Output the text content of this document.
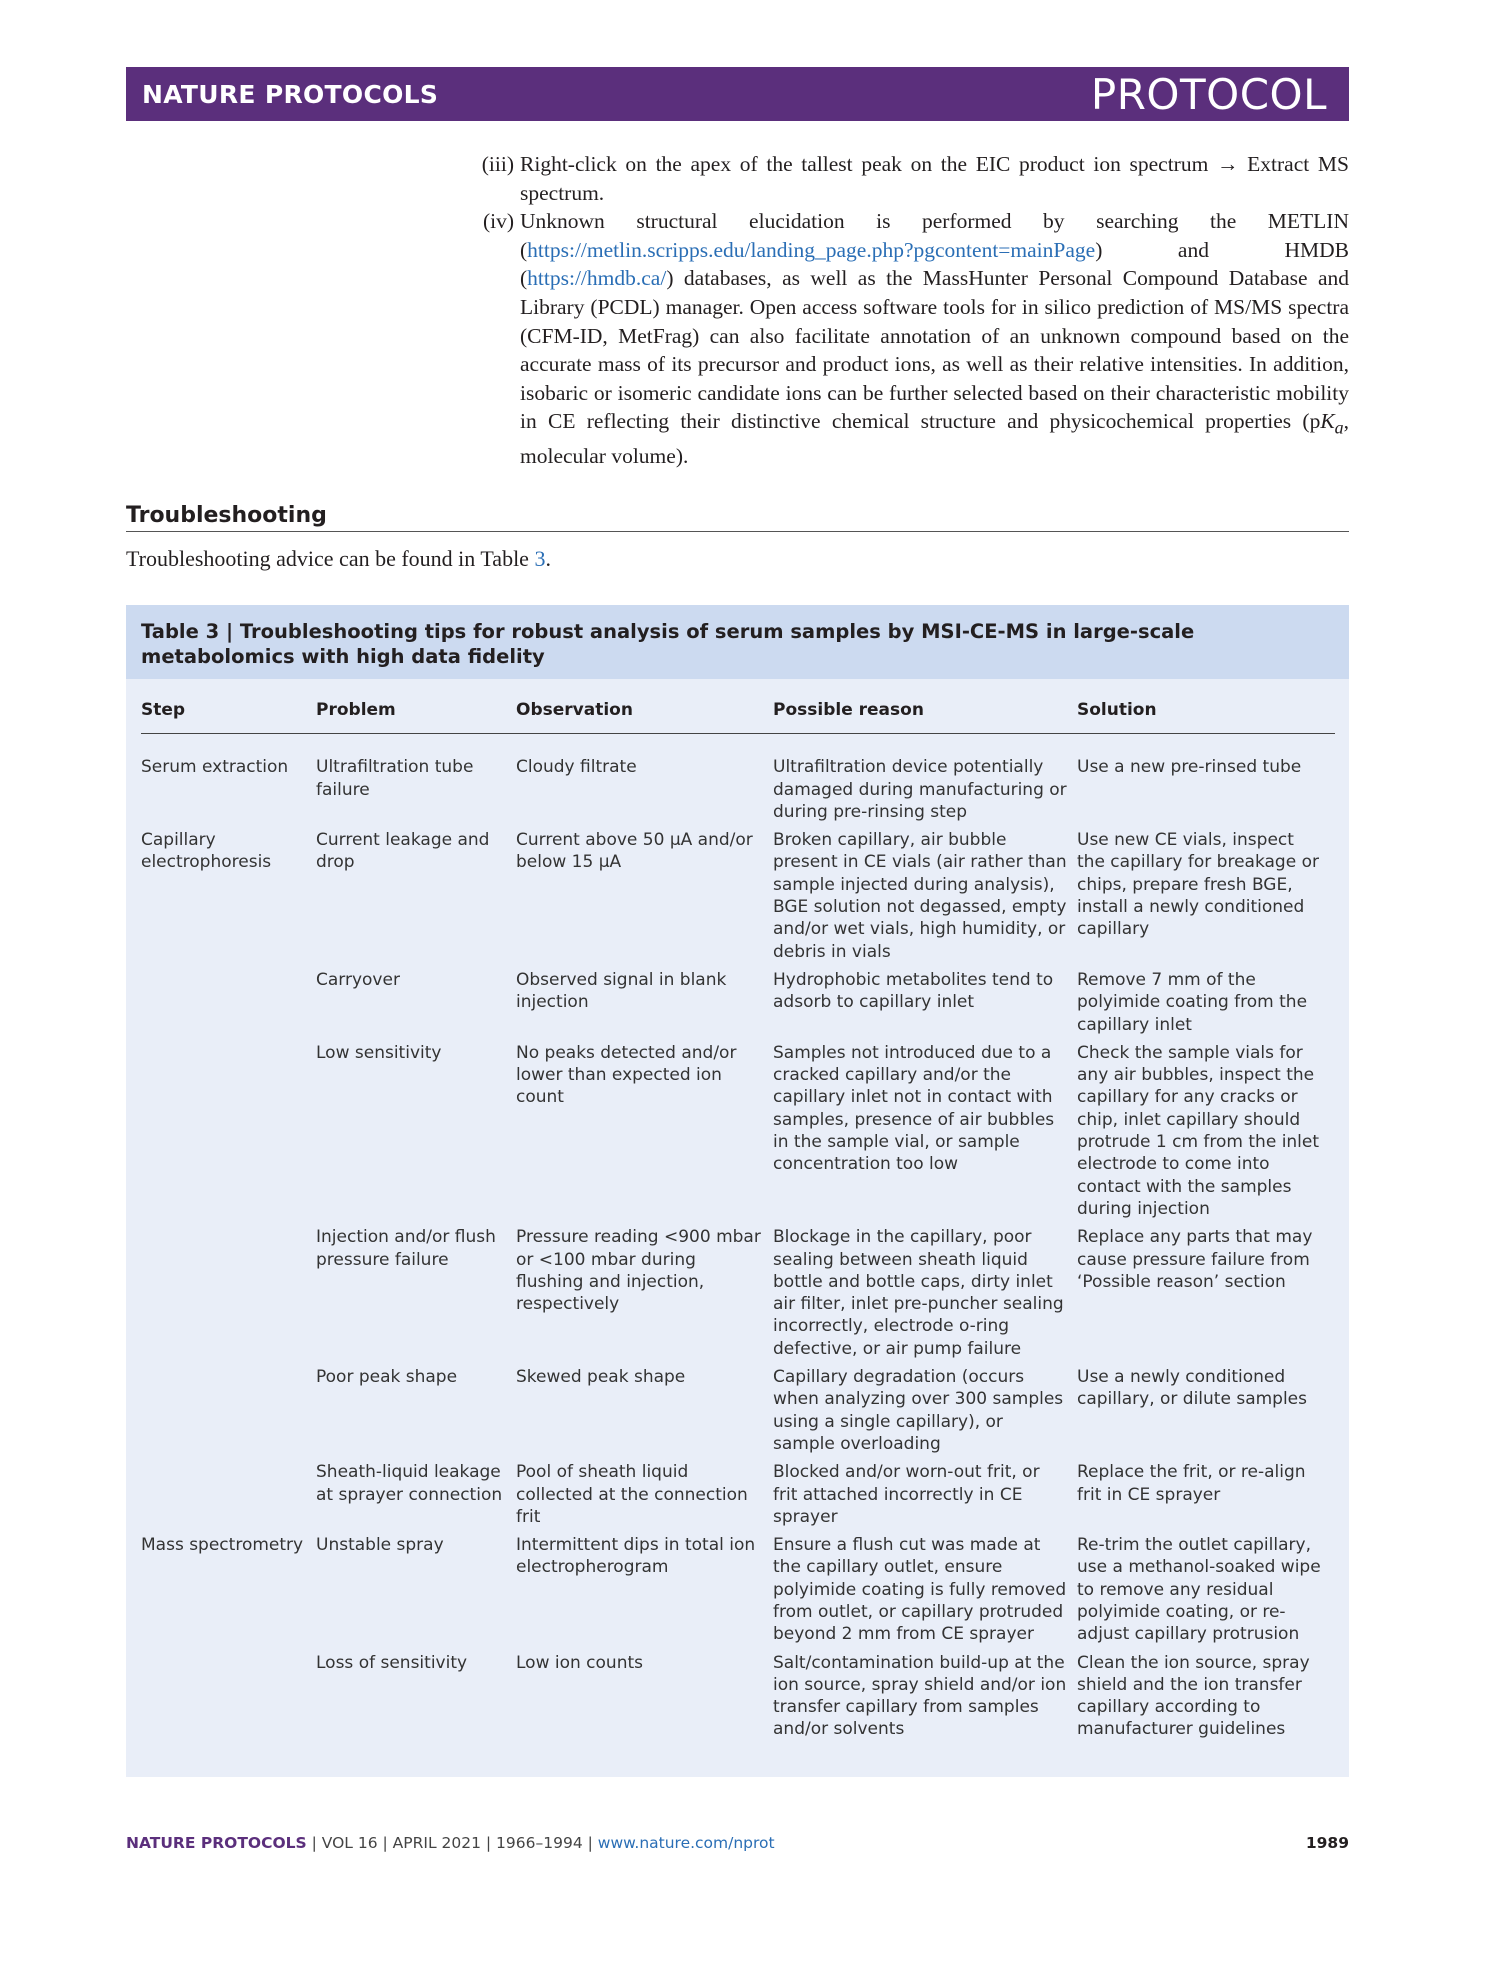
NATURE PROTOCOLS	PROTOCOL
(iii) Right-click on the apex of the tallest peak on the EIC product ion spectrum → Extract MS spectrum.
(iv) Unknown structural elucidation is performed by searching the METLIN (https://metlin.scripps.edu/landing_page.php?pgcontent=mainPage) and HMDB (https://hmdb.ca/) databases, as well as the MassHunter Personal Compound Database and Library (PCDL) manager. Open access software tools for in silico prediction of MS/MS spectra (CFM-ID, MetFrag) can also facilitate annotation of an unknown compound based on the accurate mass of its precursor and product ions, as well as their relative intensities. In addition, isobaric or isomeric candidate ions can be further selected based on their characteristic mobility in CE reflecting their distinctive chemical structure and physicochemical properties ($pK_a$, molecular volume).
Troubleshooting
Troubleshooting advice can be found in Table 3.
Table 3 | Troubleshooting tips for robust analysis of serum samples by MSI-CE-MS in large-scale metabolomics with high data fidelity
Step	Problem	Observation	Possible reason	Solution
Serum extraction	Ultrafiltration tube failure	Cloudy filtrate	Ultrafiltration device potentially damaged during manufacturing or during pre-rinsing step	Use a new pre-rinsed tube
Capillary electrophoresis	Current leakage and drop	Current above 50 µA and/or below 15 µA	Broken capillary, air bubble present in CE vials (air rather than sample injected during analysis), BGE solution not degassed, empty and/or wet vials, high humidity, or debris in vials	Use new CE vials, inspect the capillary for breakage or chips, prepare fresh BGE, install a newly conditioned capillary
	Carryover	Observed signal in blank injection	Hydrophobic metabolites tend to adsorb to capillary inlet	Remove 7 mm of the polyimide coating from the capillary inlet
	Low sensitivity	No peaks detected and/or lower than expected ion count	Samples not introduced due to a cracked capillary and/or the capillary inlet not in contact with samples, presence of air bubbles in the sample vial, or sample concentration too low	Check the sample vials for any air bubbles, inspect the capillary for any cracks or chip, inlet capillary should protrude 1 cm from the inlet electrode to come into contact with the samples during injection
	Injection and/or flush pressure failure	Pressure reading <900 mbar or <100 mbar during flushing and injection, respectively	Blockage in the capillary, poor sealing between sheath liquid bottle and bottle caps, dirty inlet air filter, inlet pre-puncher sealing incorrectly, electrode o-ring defective, or air pump failure	Replace any parts that may cause pressure failure from ‘Possible reason’ section
	Poor peak shape	Skewed peak shape	Capillary degradation (occurs when analyzing over 300 samples using a single capillary), or sample overloading	Use a newly conditioned capillary, or dilute samples
	Sheath-liquid leakage at sprayer connection	Pool of sheath liquid collected at the connection frit	Blocked and/or worn-out frit, or frit attached incorrectly in CE sprayer	Replace the frit, or re-align frit in CE sprayer
Mass spectrometry	Unstable spray	Intermittent dips in total ion electropherogram	Ensure a flush cut was made at the capillary outlet, ensure polyimide coating is fully removed from outlet, or capillary protruded beyond 2 mm from CE sprayer	Re-trim the outlet capillary, use a methanol-soaked wipe to remove any residual polyimide coating, or re-adjust capillary protrusion
	Loss of sensitivity	Low ion counts	Salt/contamination build-up at the ion source, spray shield and/or ion transfer capillary from samples and/or solvents	Clean the ion source, spray shield and the ion transfer capillary according to manufacturer guidelines
NATURE PROTOCOLS | VOL 16 | APRIL 2021 | 1966–1994 | www.nature.com/nprot	1989
